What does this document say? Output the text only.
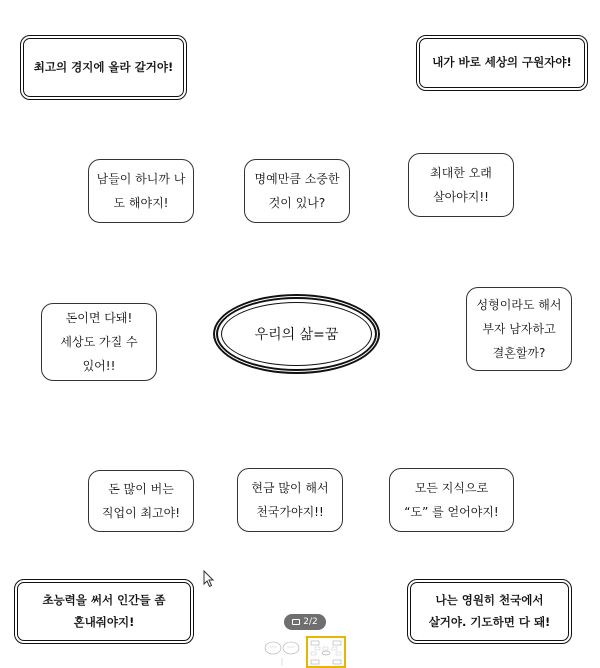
최고의 경지에 올라 갈거야!	내가 바로 세상의 구원자야!
초능력을 써서 인간들 좀
혼내줘야지!
나는 영원히 천국에서
살거야. 기도하면 다 돼!
남들이 하니까 나
도 해야지!
명예만큼 소중한
것이 있나?
최대한 오래
살아야지!!
돈이면 다돼!
세상도 가질 수
있어!!
우리의 삶=꿈
성형이라도 해서
부자 남자하고
결혼할까?
돈 많이 버는
직업이 최고야!
현금 많이 해서
천국가야지!!
모든 지식으로
“도” 를 얻어야지!
2/2
